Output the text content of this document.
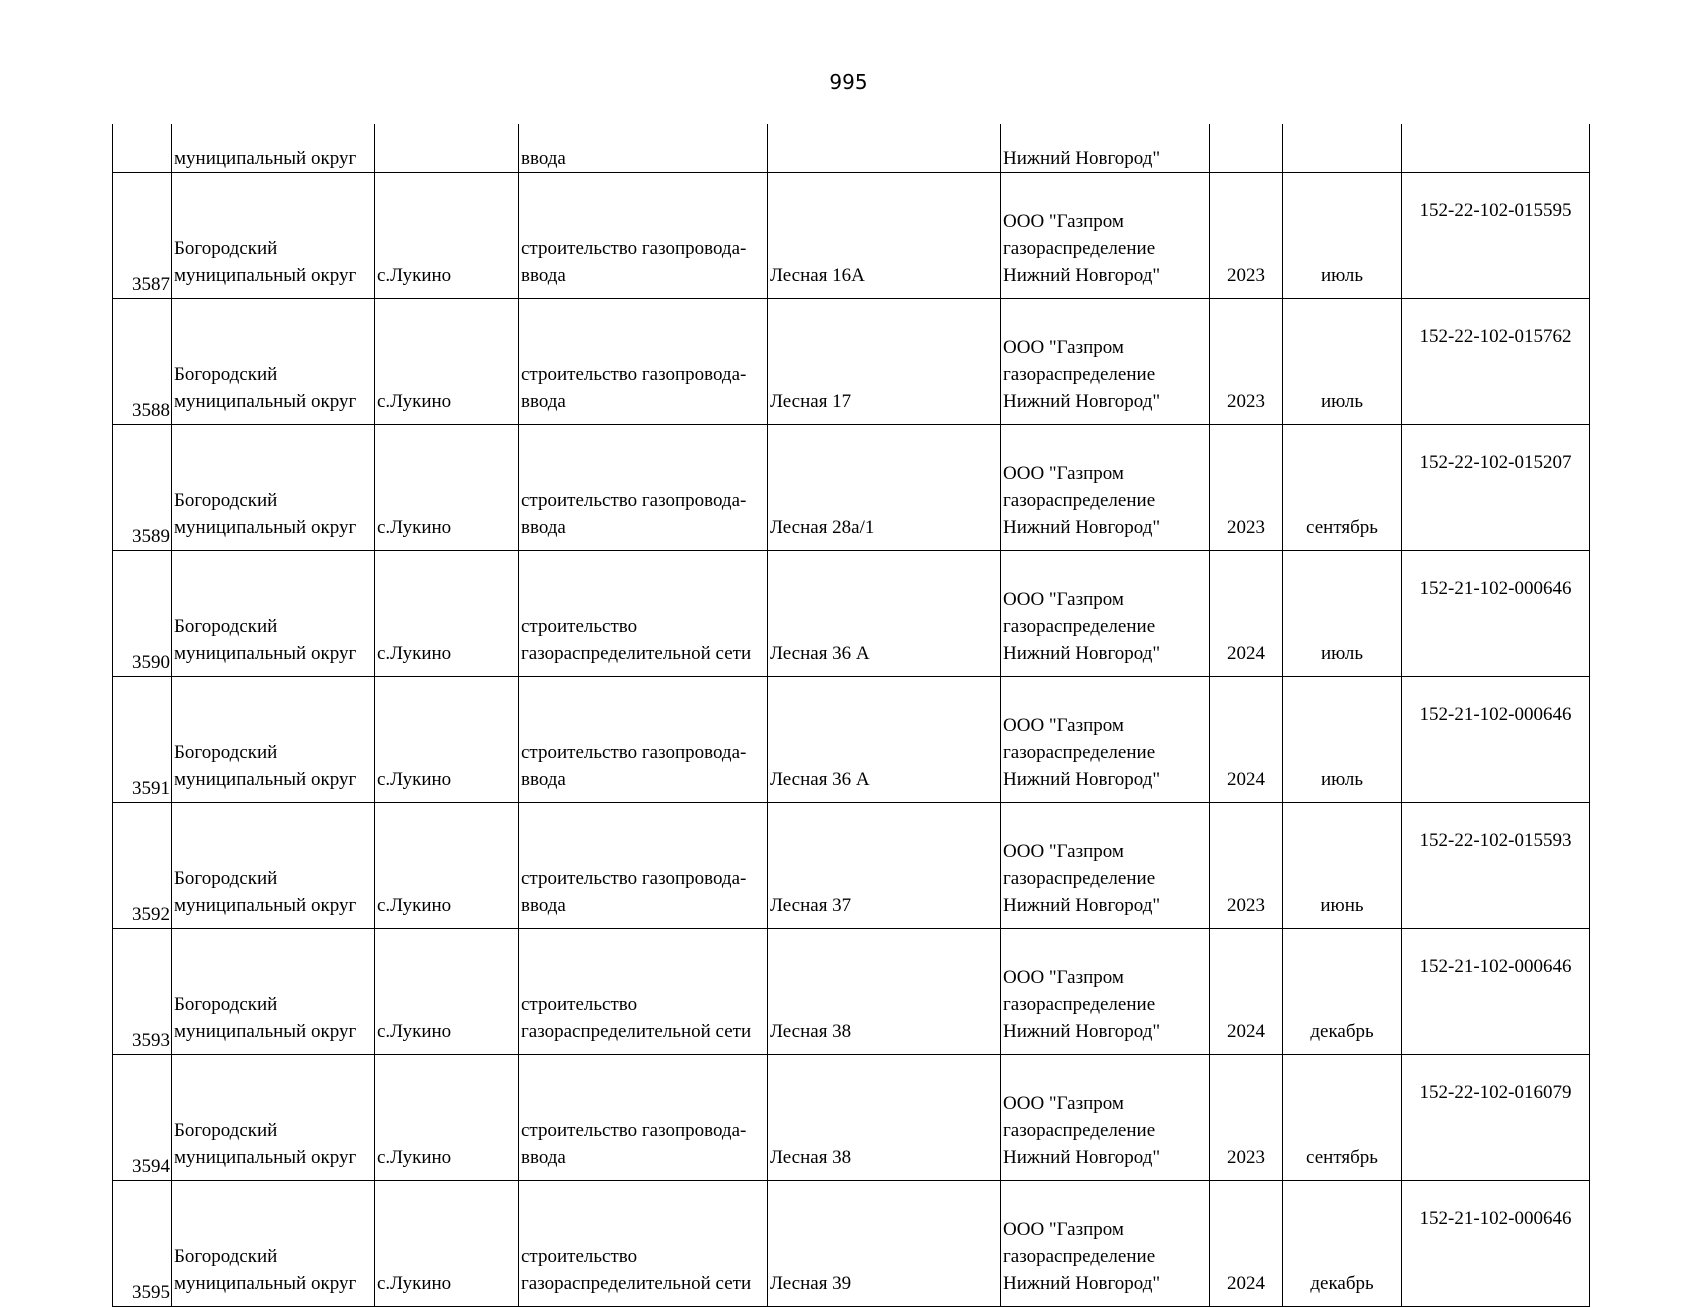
995
	муниципальный округ		ввода		Нижний Новгород"			
3587	Богородский
муниципальный округ	с.Лукино	строительство газопровода-
ввода	Лесная 16А	ООО "Газпром
газораспределение
Нижний Новгород"	2023	июль	152-22-102-015595
3588	Богородский
муниципальный округ	с.Лукино	строительство газопровода-
ввода	Лесная 17	ООО "Газпром
газораспределение
Нижний Новгород"	2023	июль	152-22-102-015762
3589	Богородский
муниципальный округ	с.Лукино	строительство газопровода-
ввода	Лесная 28а/1	ООО "Газпром
газораспределение
Нижний Новгород"	2023	сентябрь	152-22-102-015207
3590	Богородский
муниципальный округ	с.Лукино	строительство
газораспределительной сети	Лесная 36 А	ООО "Газпром
газораспределение
Нижний Новгород"	2024	июль	152-21-102-000646
3591	Богородский
муниципальный округ	с.Лукино	строительство газопровода-
ввода	Лесная 36 А	ООО "Газпром
газораспределение
Нижний Новгород"	2024	июль	152-21-102-000646
3592	Богородский
муниципальный округ	с.Лукино	строительство газопровода-
ввода	Лесная 37	ООО "Газпром
газораспределение
Нижний Новгород"	2023	июнь	152-22-102-015593
3593	Богородский
муниципальный округ	с.Лукино	строительство
газораспределительной сети	Лесная 38	ООО "Газпром
газораспределение
Нижний Новгород"	2024	декабрь	152-21-102-000646
3594	Богородский
муниципальный округ	с.Лукино	строительство газопровода-
ввода	Лесная 38	ООО "Газпром
газораспределение
Нижний Новгород"	2023	сентябрь	152-22-102-016079
3595	Богородский
муниципальный округ	с.Лукино	строительство
газораспределительной сети	Лесная 39	ООО "Газпром
газораспределение
Нижний Новгород"	2024	декабрь	152-21-102-000646
